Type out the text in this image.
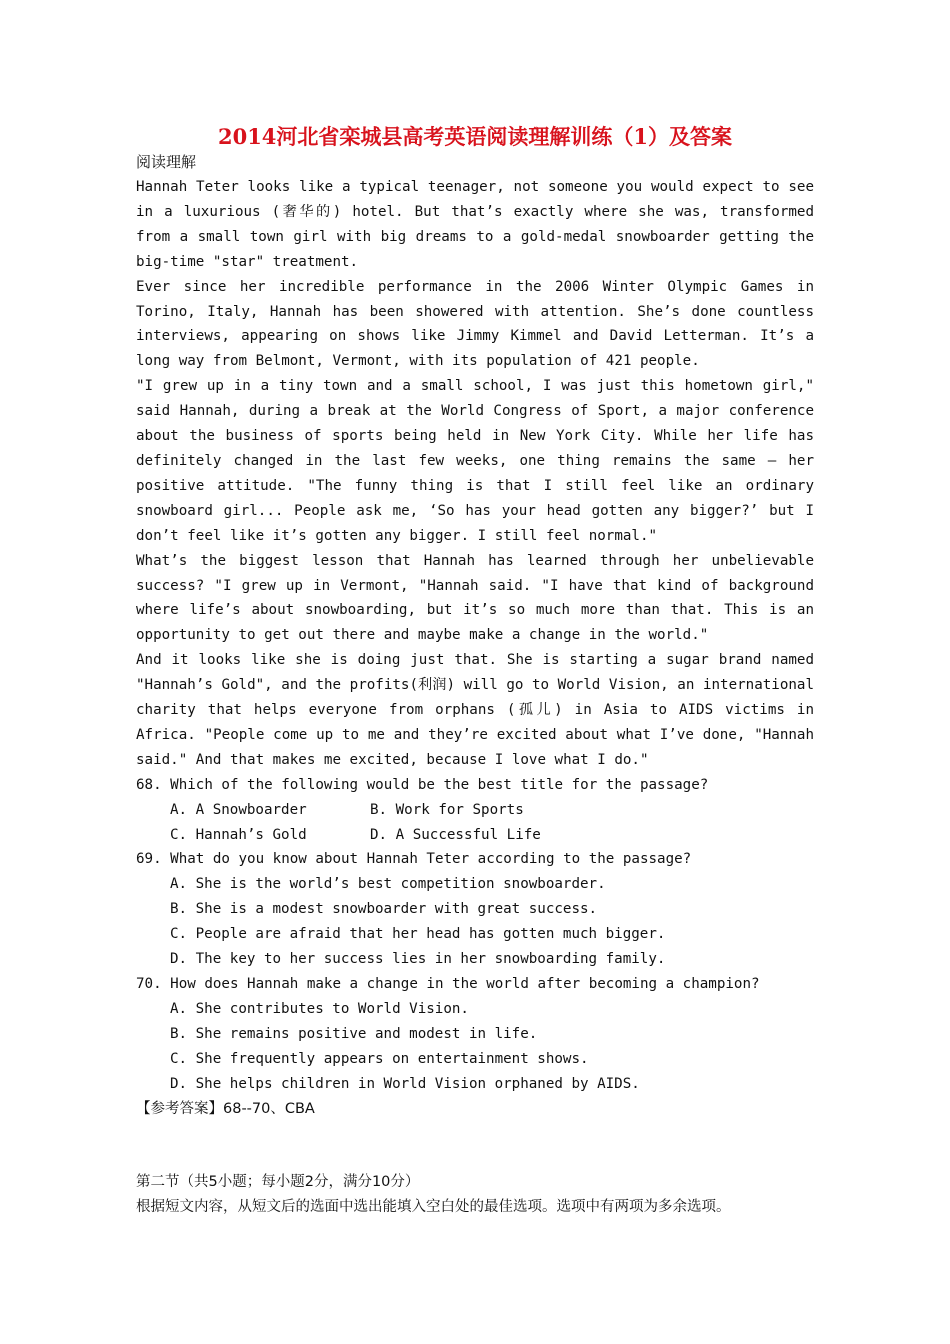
2014河北省栾城县高考英语阅读理解训练（1）及答案
阅读理解

Hannah Teter looks like a typical teenager, not someone you would expect to see in a luxurious (奢华的) hotel. But that’s exactly where she was, transformed from a small town girl with big dreams to a gold-medal snowboarder getting the big-time "star" treatment.

Ever since her incredible performance in the 2006 Winter Olympic Games in Torino, Italy, Hannah has been showered with attention. She’s done countless interviews, appearing on shows like Jimmy Kimmel and David Letterman. It’s a long way from Belmont, Vermont, with its population of 421 people.

"I grew up in a tiny town and a small school, I was just this hometown girl," said Hannah, during a break at the World Congress of Sport, a major conference about the business of sports being held in New York City. While her life has definitely changed in the last few weeks, one thing remains the same — her positive attitude. "The funny thing is that I still feel like an ordinary snowboard girl... People ask me, ‘So has your head gotten any bigger?’ but I don’t feel like it’s gotten any bigger. I still feel normal."

What’s the biggest lesson that Hannah has learned through her unbelievable success? "I grew up in Vermont, "Hannah said. "I have that kind of background where life’s about snowboarding, but it’s so much more than that. This is an opportunity to get out there and maybe make a change in the world."

And it looks like she is doing just that. She is starting a sugar brand named "Hannah’s Gold", and the profits(利润) will go to World Vision, an international charity that helps everyone from orphans (孤儿) in Asia to AIDS victims in Africa. "People come up to me and they’re excited about what I’ve done, "Hannah said." And that makes me excited, because I love what I do."

68. Which of the following would be the best title for the passage?
A. A Snowboarder	B. Work for Sports
C. Hannah’s Gold	D. A Successful Life
69. What do you know about Hannah Teter according to the passage?
A. She is the world’s best competition snowboarder.
B. She is a modest snowboarder with great success.
C. People are afraid that her head has gotten much bigger.
D. The key to her success lies in her snowboarding family.
70. How does Hannah make a change in the world after becoming a champion?
A. She contributes to World Vision.
B. She remains positive and modest in life.
C. She frequently appears on entertainment shows.
D. She helps children in World Vision orphaned by AIDS.
【参考答案】68--70、CBA
第二节（共5小题；每小题2分，满分10分）
根据短文内容，从短文后的选面中选出能填入空白处的最佳选项。选项中有两项为多余选项。
